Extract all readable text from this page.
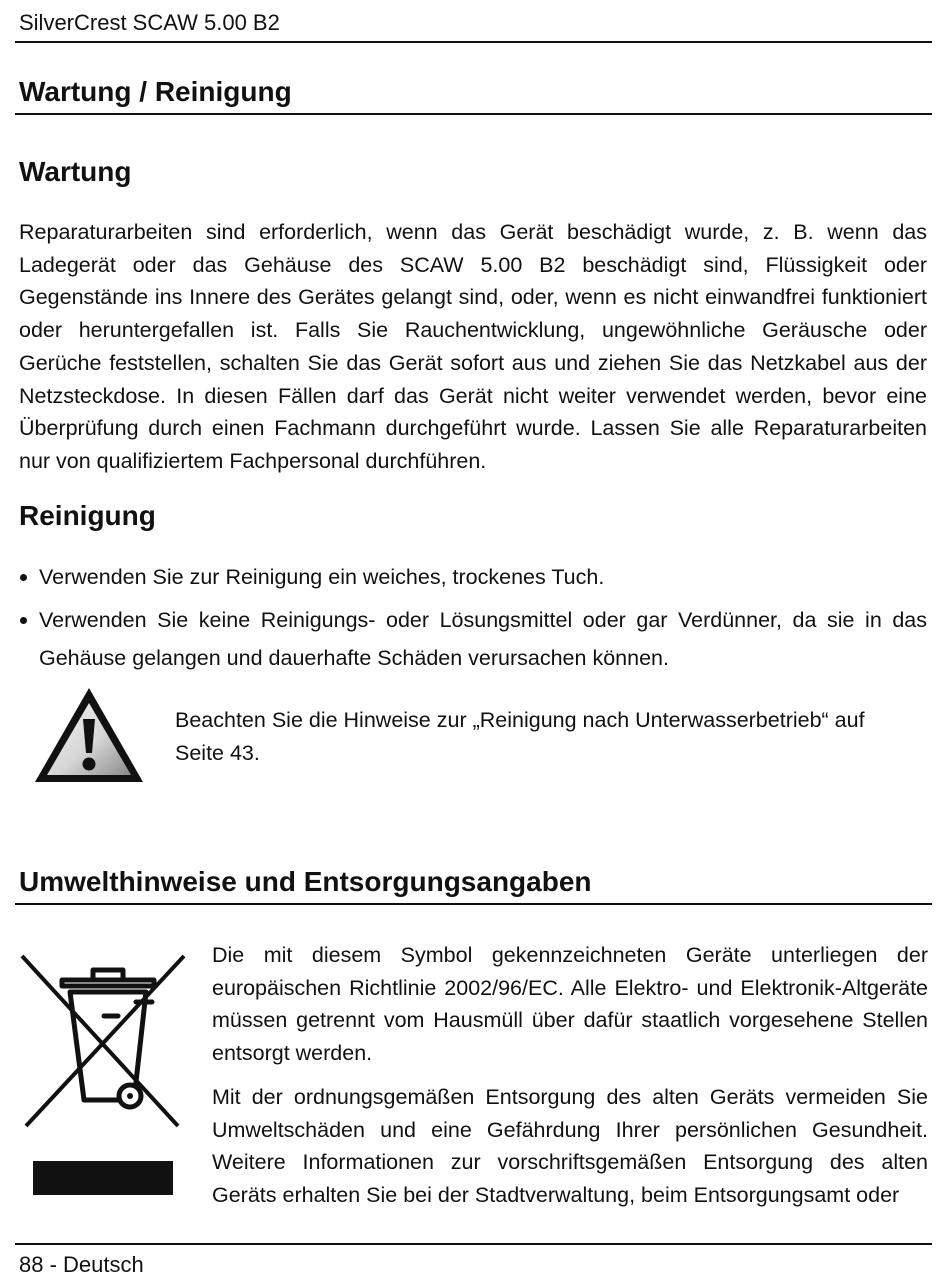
SilverCrest SCAW 5.00 B2
Wartung / Reinigung
Wartung

Reparaturarbeiten sind erforderlich, wenn das Gerät beschädigt wurde, z. B. wenn das Ladegerät oder das Gehäuse des SCAW 5.00 B2 beschädigt sind, Flüssigkeit oder Gegenstände ins Innere des Gerätes gelangt sind, oder, wenn es nicht einwandfrei funktioniert oder heruntergefallen ist. Falls Sie Rauchentwicklung, ungewöhnliche Geräusche oder Gerüche feststellen, schalten Sie das Gerät sofort aus und ziehen Sie das Netzkabel aus der Netzsteckdose. In diesen Fällen darf das Gerät nicht weiter verwendet werden, bevor eine Überprüfung durch einen Fachmann durchgeführt wurde. Lassen Sie alle Reparaturarbeiten nur von qualifiziertem Fachpersonal durchführen.

Reinigung
Verwenden Sie zur Reinigung ein weiches, trockenes Tuch.
Verwenden Sie keine Reinigungs- oder Lösungsmittel oder gar Verdünner, da sie in das Gehäuse gelangen und dauerhafte Schäden verursachen können.

Beachten Sie die Hinweise zur „Reinigung nach Unterwasserbetrieb“ auf Seite 43.

Umwelthinweise und Entsorgungsangaben

Die mit diesem Symbol gekennzeichneten Geräte unterliegen der europäischen Richtlinie 2002/96/EC. Alle Elektro- und Elektronik-Altgeräte müssen getrennt vom Hausmüll über dafür staatlich vorgesehene Stellen entsorgt werden.

Mit der ordnungsgemäßen Entsorgung des alten Geräts vermeiden Sie Umweltschäden und eine Gefährdung Ihrer persönlichen Gesundheit. Weitere Informationen zur vorschriftsgemäßen Entsorgung des alten Geräts erhalten Sie bei der Stadtverwaltung, beim Entsorgungsamt oder

88 - Deutsch
